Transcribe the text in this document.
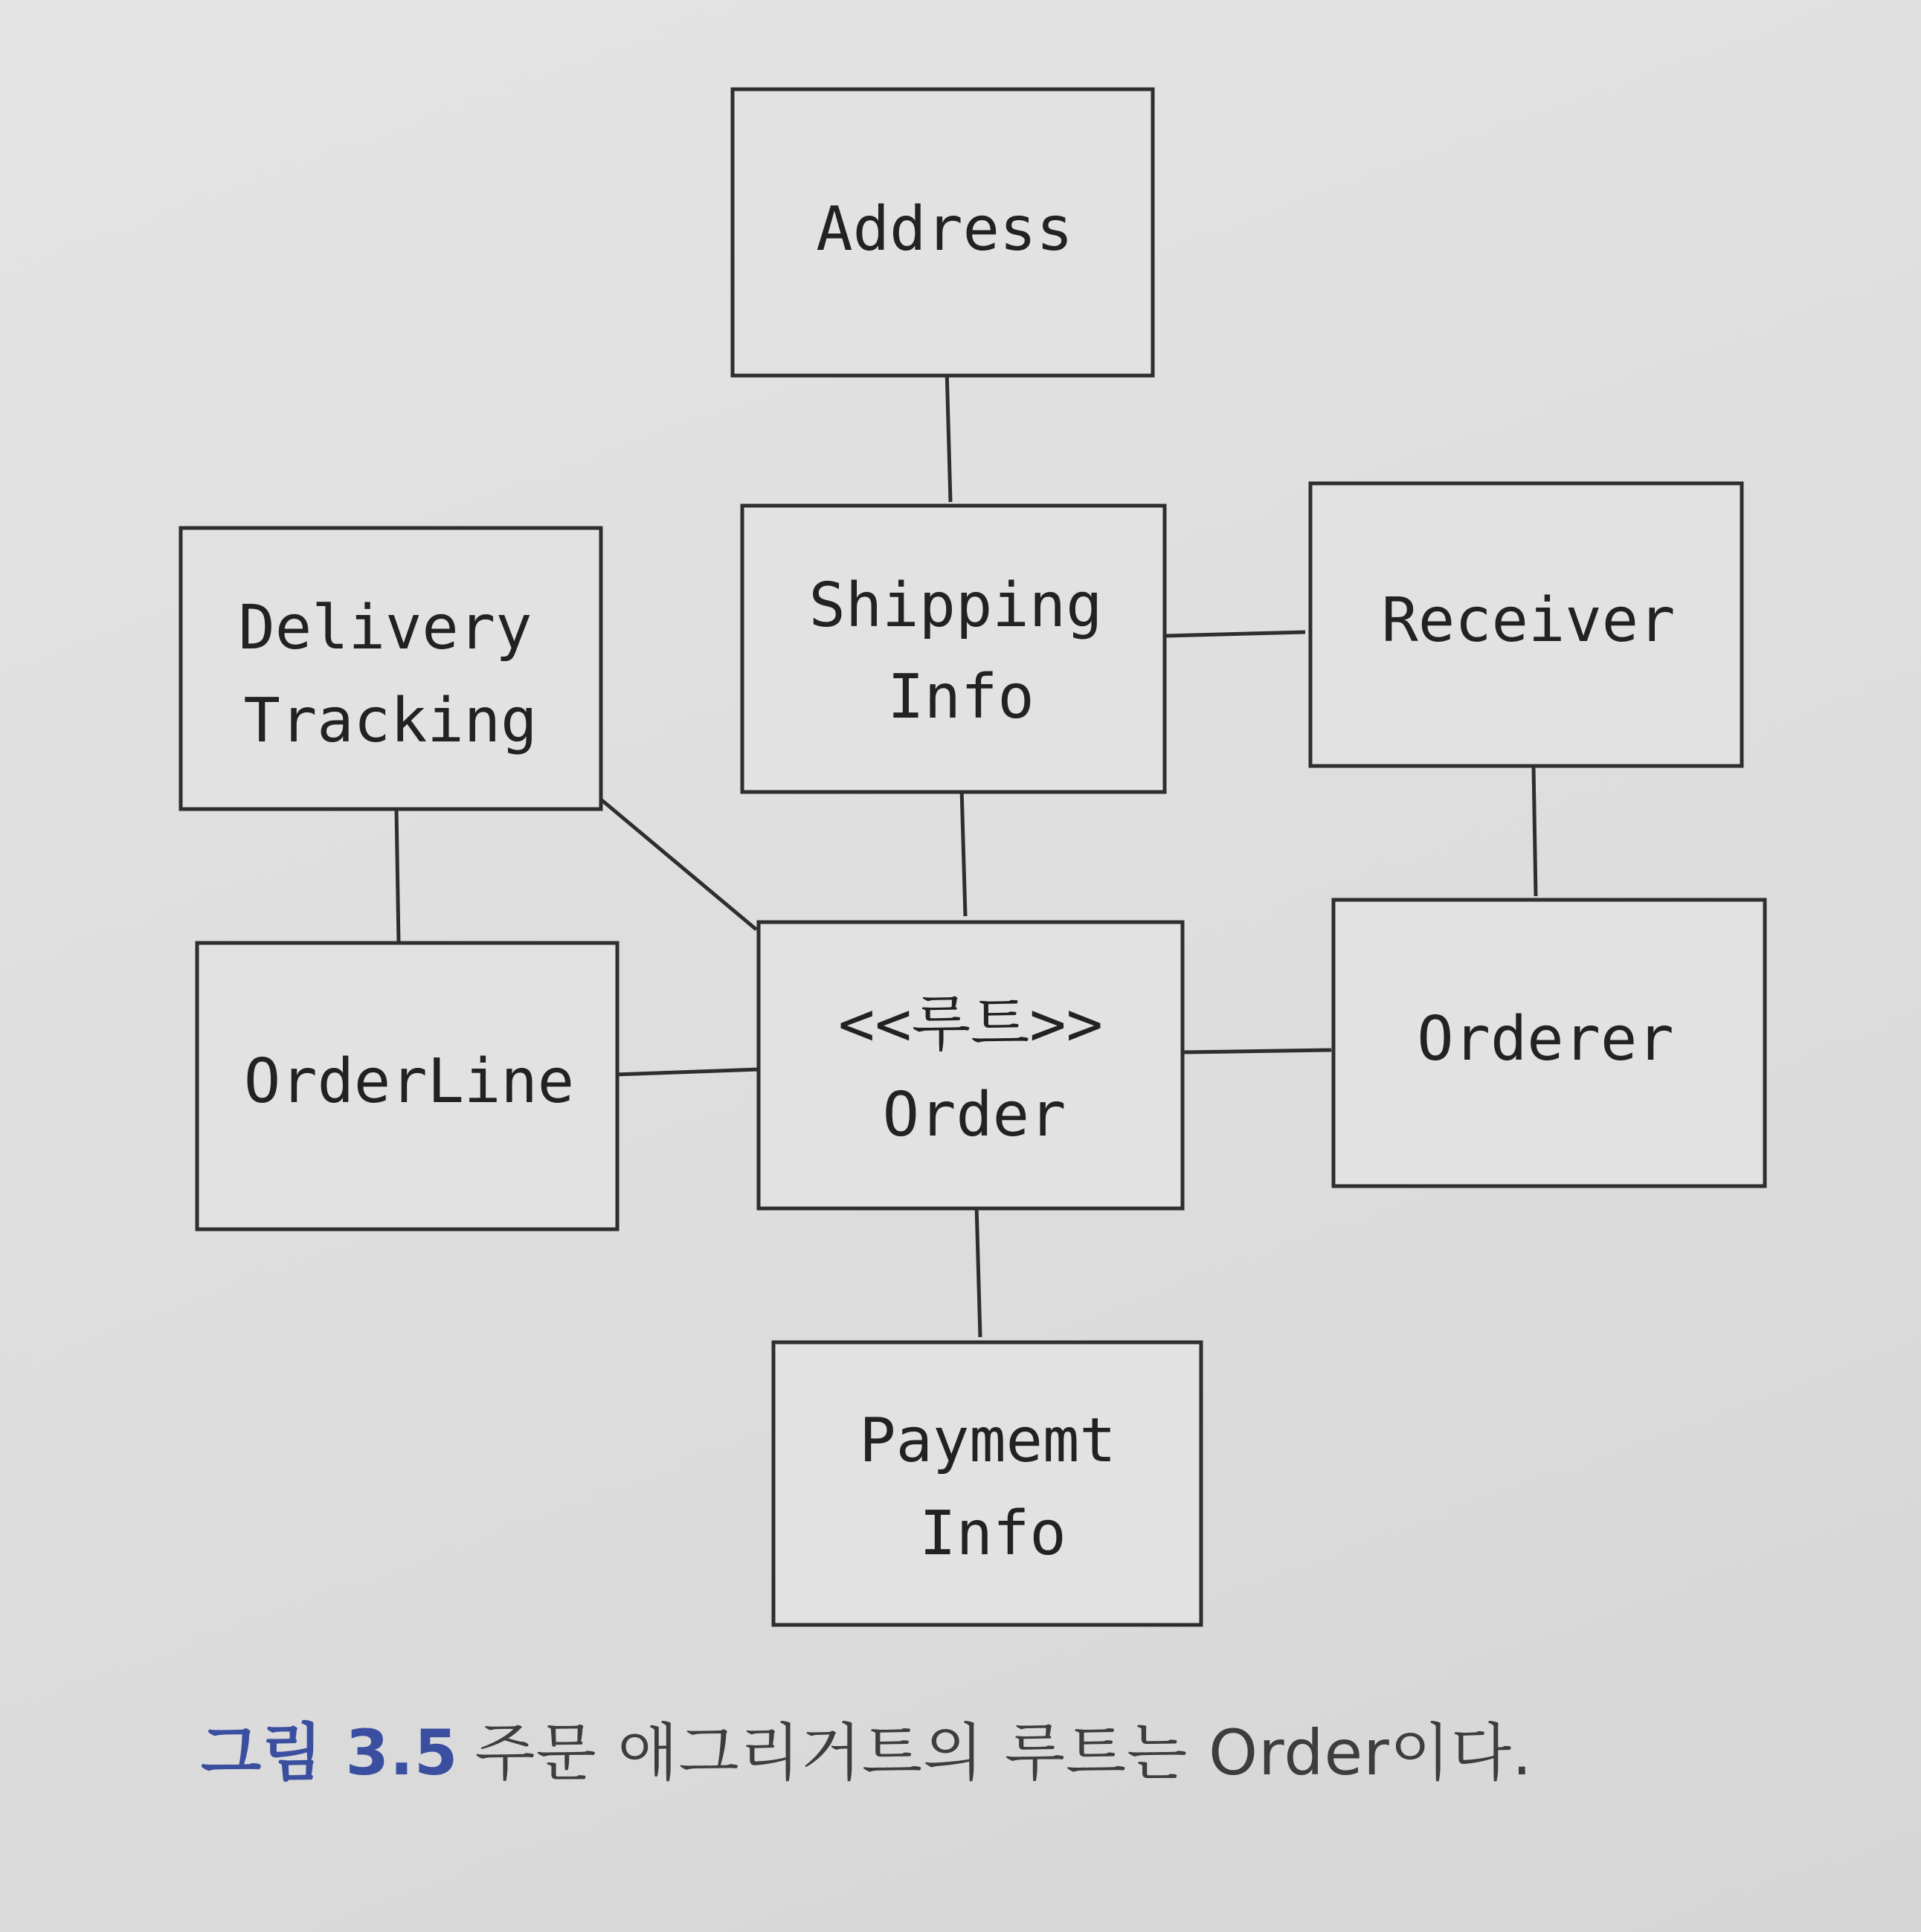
Address
Shipping
Info
Receiver
Delivery
Tracking
<<루트>>
Order
Orderer
OrderLine
Paymemt
Info
그림 3.5 주문 애그리거트의 루트는 Order이다.
